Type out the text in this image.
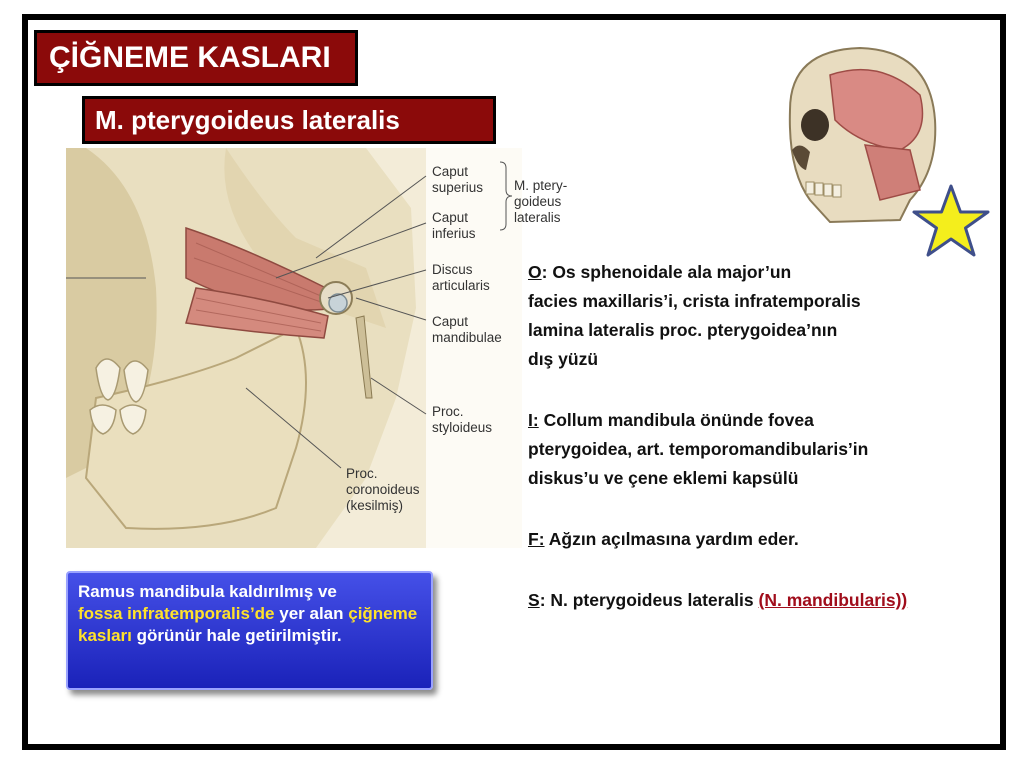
ÇİĞNEME KASLARI
M. pterygoideus lateralis
Caput
superius
Caput
inferius
M. ptery-
goideus
lateralis
Discus
articularis
Caput
mandibulae
Proc.
styloideus
Proc.
coronoideus
(kesilmiş)

O: Os sphenoidale ala major’un

facies maxillaris’i, crista infratemporalis

lamina lateralis proc. pterygoidea’nın

dış yüzü

I: Collum mandibula önünde fovea

pterygoidea, art. temporomandibularis’in

diskus’u ve çene eklemi kapsülü

F: Ağzın açılmasına yardım eder.

S: N. pterygoideus lateralis (N. mandibularis))

Ramus mandibula kaldırılmış ve
fossa infratemporalis’de yer alan çiğneme kasları görünür hale getirilmiştir.
